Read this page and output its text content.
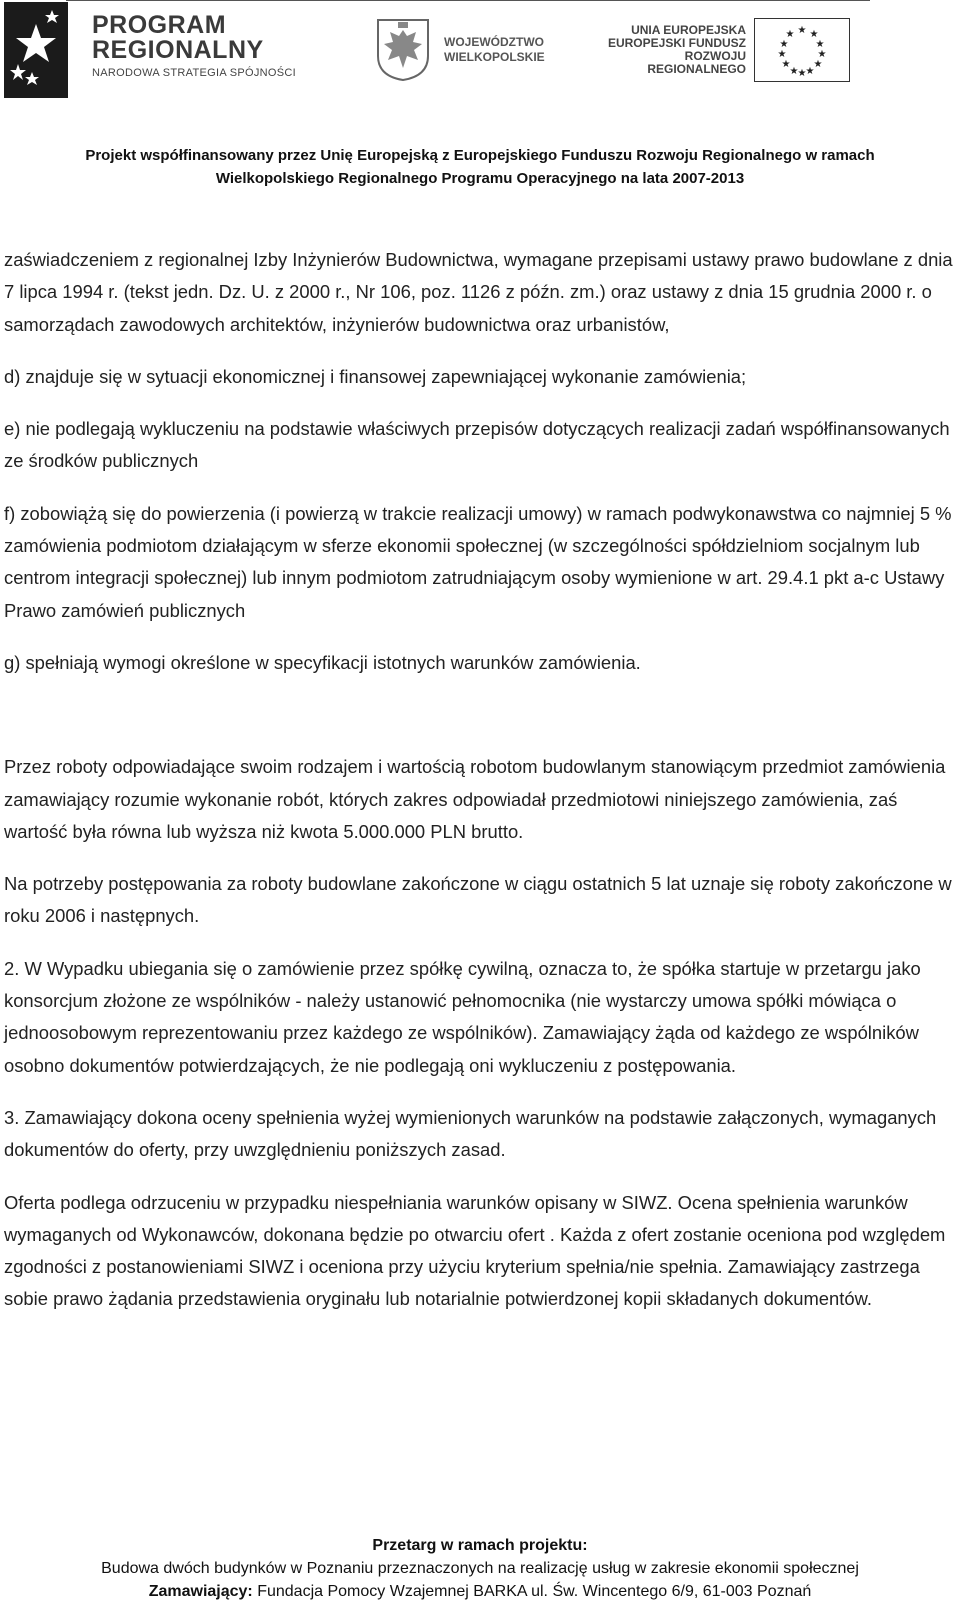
PROGRAM
REGIONALNY
NARODOWA STRATEGIA SPÓJNOŚCI
WOJEWÓDZTWO
WIELKOPOLSKIE
UNIA EUROPEJSKA
EUROPEJSKI FUNDUSZ
ROZWOJU REGIONALNEGO
★ ★
★
★
★
★
★
★
★
★
★
★
Projekt współfinansowany przez Unię Europejską z Europejskiego Funduszu Rozwoju Regionalnego w ramach
Wielkopolskiego Regionalnego Programu Operacyjnego na lata 2007-2013

zaświadczeniem z regionalnej Izby Inżynierów Budownictwa, wymagane przepisami ustawy prawo budowlane z dnia 7 lipca 1994 r. (tekst jedn. Dz. U. z 2000 r., Nr 106, poz. 1126 z późn. zm.) oraz ustawy z dnia 15 grudnia 2000 r. o samorządach zawodowych architektów, inżynierów budownictwa oraz urbanistów,

d) znajduje się w sytuacji ekonomicznej i finansowej zapewniającej wykonanie zamówienia;

e) nie podlegają wykluczeniu na podstawie właściwych przepisów dotyczących realizacji zadań współfinansowanych ze środków publicznych

f) zobowiążą się do powierzenia (i powierzą w trakcie realizacji umowy) w ramach podwykonawstwa co najmniej 5 % zamówienia podmiotom działającym w sferze ekonomii społecznej (w szczególności spółdzielniom socjalnym lub centrom integracji społecznej) lub innym podmiotom zatrudniającym osoby wymienione w art. 29.4.1 pkt a-c Ustawy Prawo zamówień publicznych

g) spełniają wymogi określone w specyfikacji istotnych warunków zamówienia.

Przez roboty odpowiadające swoim rodzajem i wartością robotom budowlanym stanowiącym przedmiot zamówienia zamawiający rozumie wykonanie robót, których zakres odpowiadał przedmiotowi niniejszego zamówienia, zaś wartość była równa lub wyższa niż kwota 5.000.000 PLN brutto.

Na potrzeby postępowania za roboty budowlane zakończone w ciągu ostatnich 5 lat uznaje się roboty zakończone w roku 2006 i następnych.

2. W Wypadku ubiegania się o zamówienie przez spółkę cywilną, oznacza to, że spółka startuje w przetargu jako konsorcjum złożone ze wspólników - należy ustanowić pełnomocnika (nie wystarczy umowa spółki mówiąca o jednoosobowym reprezentowaniu przez każdego ze wspólników). Zamawiający żąda od każdego ze wspólników osobno dokumentów potwierdzających, że nie podlegają oni wykluczeniu z postępowania.

3. Zamawiający dokona oceny spełnienia wyżej wymienionych warunków na podstawie załączonych, wymaganych dokumentów do oferty, przy uwzględnieniu poniższych zasad.

Oferta podlega odrzuceniu w przypadku niespełniania warunków opisany w SIWZ. Ocena spełnienia warunków wymaganych od Wykonawców, dokonana będzie po otwarciu ofert . Każda z ofert zostanie oceniona pod względem zgodności z postanowieniami SIWZ i oceniona przy użyciu kryterium spełnia/nie spełnia. Zamawiający zastrzega sobie prawo żądania przedstawienia oryginału lub notarialnie potwierdzonej kopii składanych dokumentów.

Przetarg w ramach projektu:
Budowa dwóch budynków w Poznaniu przeznaczonych na realizację usług w zakresie ekonomii społecznej
Zamawiający: Fundacja Pomocy Wzajemnej BARKA ul. Św. Wincentego 6/9, 61-003 Poznań
